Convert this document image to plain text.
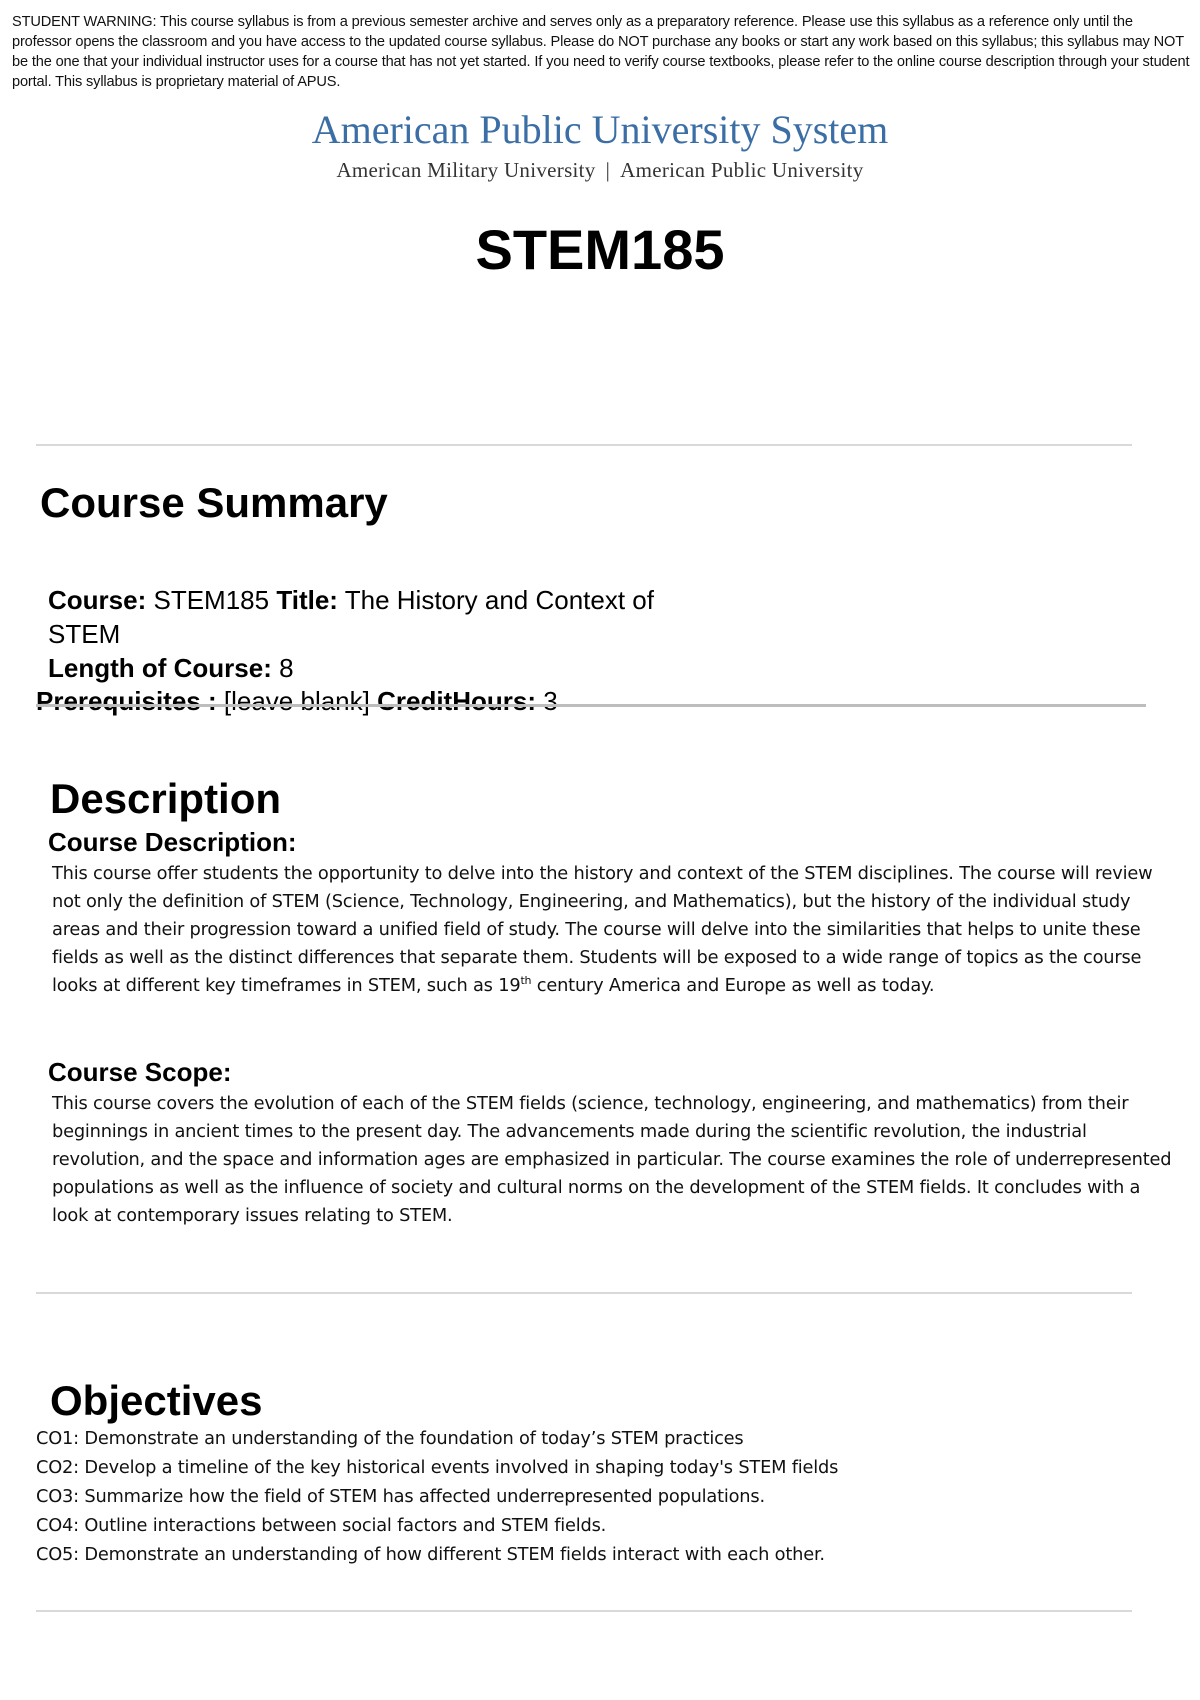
STUDENT WARNING: This course syllabus is from a previous semester archive and serves only as a preparatory reference. Please use this syllabus as a reference only until the professor opens the classroom and you have access to the updated course syllabus. Please do NOT purchase any books or start any work based on this syllabus; this syllabus may NOT be the one that your individual instructor uses for a course that has not yet started. If you need to verify course textbooks, please refer to the online course description through your student portal. This syllabus is proprietary material of APUS.
American Public University System
American Military University | American Public University
STEM185
Course Summary
Course: STEM185 Title: The History and Context of STEM
Length of Course: 8
Prerequisites : [leave blank] CreditHours: 3
Description
Course Description:
This course offer students the opportunity to delve into the history and context of the STEM disciplines. The course will review not only the definition of STEM (Science, Technology, Engineering, and Mathematics), but the history of the individual study areas and their progression toward a unified field of study. The course will delve into the similarities that helps to unite these fields as well as the distinct differences that separate them. Students will be exposed to a wide range of topics as the course looks at different key timeframes in STEM, such as 19th century America and Europe as well as today.
Course Scope:
This course covers the evolution of each of the STEM fields (science, technology, engineering, and mathematics) from their beginnings in ancient times to the present day. The advancements made during the scientific revolution, the industrial revolution, and the space and information ages are emphasized in particular. The course examines the role of underrepresented populations as well as the influence of society and cultural norms on the development of the STEM fields. It concludes with a look at contemporary issues relating to STEM.
Objectives
CO1: Demonstrate an understanding of the foundation of today’s STEM practices
CO2: Develop a timeline of the key historical events involved in shaping today's STEM fields
CO3: Summarize how the field of STEM has affected underrepresented populations.
CO4: Outline interactions between social factors and STEM fields.
CO5: Demonstrate an understanding of how different STEM fields interact with each other.
